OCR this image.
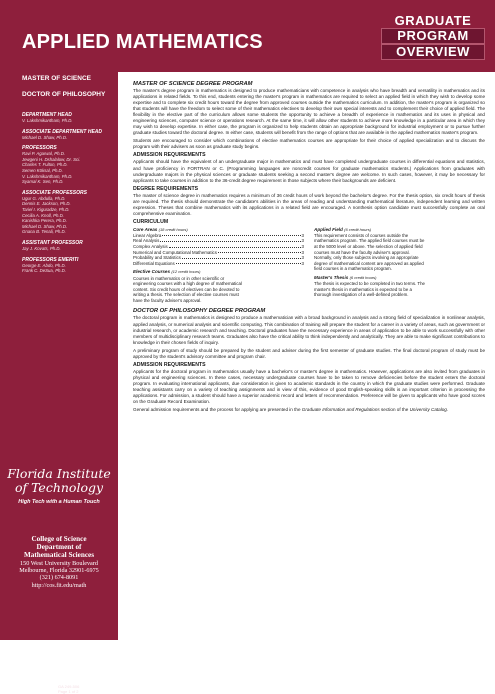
APPLIED MATHEMATICS
GRADUATE
PROGRAM
OVERVIEW
MASTER OF SCIENCE
DOCTOR OF PHILOSOPHY
DEPARTMENT HEAD
V. Lakshmikantham, Ph.D.
ASSOCIATE DEPARTMENT HEAD
Michael D. Shaw, Ph.D.
PROFESSORS
Ravi P. Agarwal, Ph.D.
Jewgeni H. Dshalalow, Dr. Sci.
Charles T. Fulton, Ph.D.
Semen Köksal, Ph.D.
V. Lakshmikantham, Ph.D.
Syamal K. Sen, Ph.D.
ASSOCIATE PROFESSORS
Ugur G. Abdulla, Ph.D.
Dennis E. Jackson, Ph.D.
Tariel I. Kiguradze, Ph.D.
Cecilia A. Knoll, Ph.D.
Kanishka Perera, Ph.D.
Michael D. Shaw, Ph.D.
Gnana B. Tenali, Ph.D.
ASSISTANT PROFESSOR
Jay J. Kovats, Ph.D.
PROFESSORS EMERITI
George E. Abdo, Ph.D.
Frank C. DeSua, Ph.D.
Florida Institute
of Technology
High Tech with a Human Touch
College of Science
Department of
Mathematical Sciences
150 West University Boulevard
Melbourne, Florida 32901-6975
(321) 674-8091
http://cos.fit.edu/math
GA 249-506
Page 1 of 2
MASTER OF SCIENCE DEGREE PROGRAM

The master's degree program in mathematics is designed to produce mathematicians with competence in analysis who have breadth and versatility in mathematics and its applications in related fields. To this end, students entering the master's program in mathematics are required to select an applied field in which they wish to develop some expertise and to complete six credit hours toward the degree from approved courses outside the mathematics curriculum. In addition, the master's program is organized so that students will have the freedom to select some of their mathematics electives to develop their own special interests and to complement their choice of applied field. The flexibility in the elective part of the curriculum allows some students the opportunity to achieve a breadth of experience in mathematics and its uses in physical and engineering sciences, computer science or operations research. At the same time, it will allow other students to achieve more knowledge in a particular area in which they may wish to develop expertise. In either case, the program is organized to help students obtain an appropriate background for industrial employment or to pursue further graduate studies toward the doctoral degree. In either case, students will benefit from the range of options that are available in the applied mathematics master's program.

Students are encouraged to consider which combinations of elective mathematics courses are appropriate for their choice of applied specialization and to discuss the program with their advisers as soon as graduate study begins.

ADMISSION REQUIREMENTS

Applicants should have the equivalent of an undergraduate major in mathematics and must have completed undergraduate courses in differential equations and statistics, and have proficiency in FORTRAN or C. (Programming languages are noncredit courses for graduate mathematics students.) Applications from graduates with undergraduate majors in the physical sciences or graduate students seeking a second master's degree are welcome. In such cases, however, it may be necessary for applicants to take courses in addition to the 36-credit degree requirement in those subjects where their backgrounds are deficient.

DEGREE REQUIREMENTS

The master of science degree in mathematics requires a minimum of 36 credit hours of work beyond the bachelor's degree. For the thesis option, six credit hours of thesis are required. The thesis should demonstrate the candidate's abilities in the areas of reading and understanding mathematical literature, independent learning and written expression. Theses that combine mathematics with its applications in a related field are encouraged. A nonthesis option candidate must successfully complete an oral comprehensive examination.

CURRICULUM
Core Areas (18 credit hours)
Linear Algebra	3
Real Analysis	3
Complex Analysis	3
Numerical and Computational Mathematics	3
Probability and Statistics	3
Differential Equations	3
Elective Courses (12 credit hours)

Courses in mathematics or in other scientific or engineering courses with a high degree of mathematical content. Six credit hours of electives can be devoted to writing a thesis. The selection of elective courses must have the faculty adviser's approval.

Applied Field (6 credit hours)

This requirement consists of courses outside the mathematics program. The applied field courses must be at the 5000 level or above. The selection of applied field courses must have the faculty adviser's approval. Normally, only those subjects involving an appropriate degree of mathematical content are approved as applied field courses in a mathematics program.

Master's Thesis (6 credit hours)

The thesis is expected to be completed in two terms. The master's thesis in mathematics is expected to be a thorough investigation of a well-defined problem.

DOCTOR OF PHILOSOPHY DEGREE PROGRAM

The doctoral program in mathematics is designed to produce a mathematician with a broad background in analysis and a strong field of specialization in nonlinear analysis, applied analysis, or numerical analysis and scientific computing. This combination of training will prepare the student for a career in a variety of areas, such as government or industrial research, or academic research and teaching. Doctoral graduates have the necessary experience in areas of application to be able to work successfully with other members of multidisciplinary research teams. Graduates also have the critical ability to think independently and analytically. They are able to make significant contributions to knowledge in their chosen fields of inquiry.

A preliminary program of study should be prepared by the student and adviser during the first semester of graduate studies. The final doctoral program of study must be approved by the student's advisory committee and program chair.

ADMISSION REQUIREMENTS

Applicants for the doctoral program in mathematics usually have a bachelor's or master's degree in mathematics. However, applications are also invited from graduates in physical and engineering sciences. In these cases, necessary undergraduate courses have to be taken to remove deficiencies before the student enters the doctoral program. In evaluating international applicants, due consideration is given to academic standards in the country in which the graduate studies were performed. Graduate teaching assistants carry on a variety of teaching assignments and in view of this, evidence of good English-speaking skills is an important criterion in processing the applications. For admission, a student should have a superior academic record and letters of recommendation. Preference will be given to applicants who have good scores on the Graduate Record Examination.

General admission requirements and the process for applying are presented in the Graduate Information and Regulations section of the University Catalog.
